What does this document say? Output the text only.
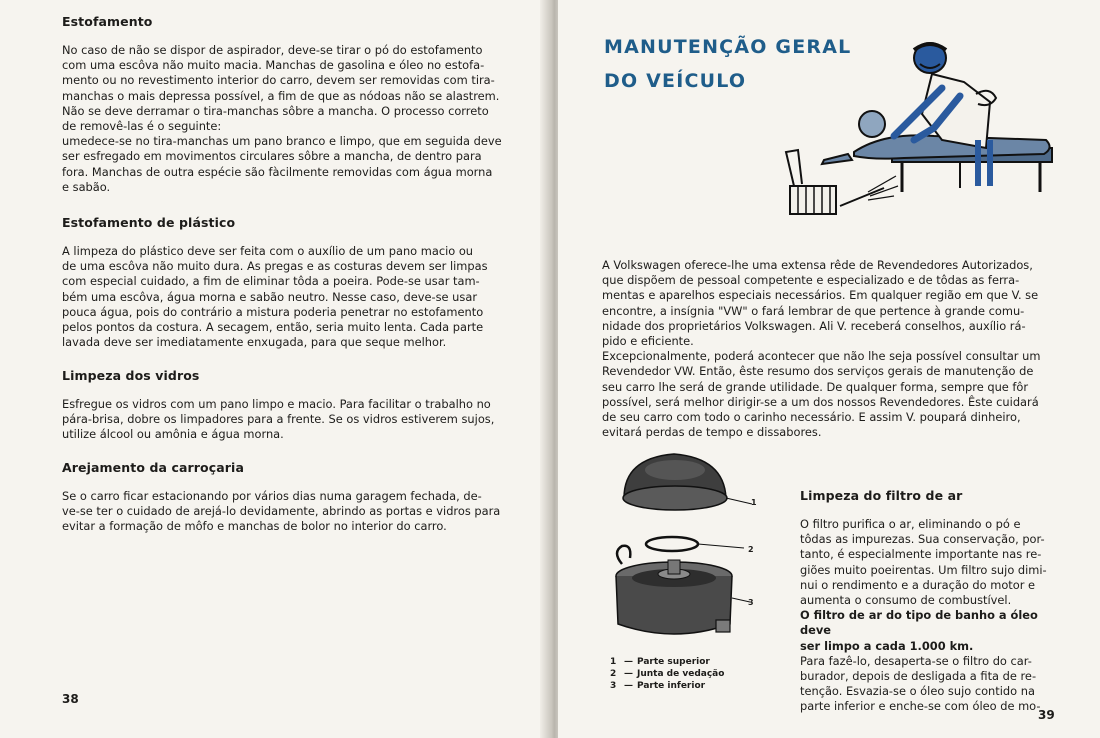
Estofamento

No caso de não se dispor de aspirador, deve-se tirar o pó do estofamento
com uma escôva não muito macia. Manchas de gasolina e óleo no estofa-
mento ou no revestimento interior do carro, devem ser removidas com tira-
manchas o mais depressa possível, a fim de que as nódoas não se alastrem.
Não se deve derramar o tira-manchas sôbre a mancha. O processo correto
de removê-las é o seguinte:
umedece-se no tira-manchas um pano branco e limpo, que em seguida deve
ser esfregado em movimentos circulares sôbre a mancha, de dentro para
fora. Manchas de outra espécie são fàcilmente removidas com água morna
e sabão.

Estofamento de plástico

A limpeza do plástico deve ser feita com o auxílio de um pano macio ou
de uma escôva não muito dura. As pregas e as costuras devem ser limpas
com especial cuidado, a fim de eliminar tôda a poeira. Pode-se usar tam-
bém uma escôva, água morna e sabão neutro. Nesse caso, deve-se usar
pouca água, pois do contrário a mistura poderia penetrar no estofamento
pelos pontos da costura. A secagem, então, seria muito lenta. Cada parte
lavada deve ser imediatamente enxugada, para que seque melhor.

Limpeza dos vidros

Esfregue os vidros com um pano limpo e macio. Para facilitar o trabalho no
pára-brisa, dobre os limpadores para a frente. Se os vidros estiverem sujos,
utilize álcool ou amônia e água morna.

Arejamento da carroçaria

Se o carro ficar estacionando por vários dias numa garagem fechada, de-
ve-se ter o cuidado de arejá-lo devidamente, abrindo as portas e vidros para
evitar a formação de môfo e manchas de bolor no interior do carro.

38
MANUTENÇÃO GERAL
DO VEÍCULO

A Volkswagen oferece-lhe uma extensa rêde de Revendedores Autorizados,
que dispõem de pessoal competente e especializado e de tôdas as ferra-
mentas e aparelhos especiais necessários. Em qualquer região em que V. se
encontre, a insígnia "VW" o fará lembrar de que pertence à grande comu-
nidade dos proprietários Volkswagen. Ali V. receberá conselhos, auxílio rá-
pido e eficiente.
Excepcionalmente, poderá acontecer que não lhe seja possível consultar um
Revendedor VW. Então, êste resumo dos serviços gerais de manutenção de
seu carro lhe será de grande utilidade. De qualquer forma, sempre que fôr
possível, será melhor dirigir-se a um dos nossos Revendedores. Êste cuidará
de seu carro com todo o carinho necessário. E assim V. poupará dinheiro,
evitará perdas de tempo e dissabores.

1
2
3
1 — Parte superior
2 — Junta de vedação
3 — Parte inferior

Limpeza do filtro de ar

O filtro purifica o ar, eliminando o pó e
tôdas as impurezas. Sua conservação, por-
tanto, é especialmente importante nas re-
giões muito poeirentas. Um filtro sujo dimi-
nui o rendimento e a duração do motor e
aumenta o consumo de combustível.

O filtro de ar do tipo de banho a óleo deve
ser limpo a cada 1.000 km.

Para fazê-lo, desaperta-se o filtro do car-
burador, depois de desligada a fita de re-
tenção. Esvazia-se o óleo sujo contido na
parte inferior e enche-se com óleo de mo-

39
